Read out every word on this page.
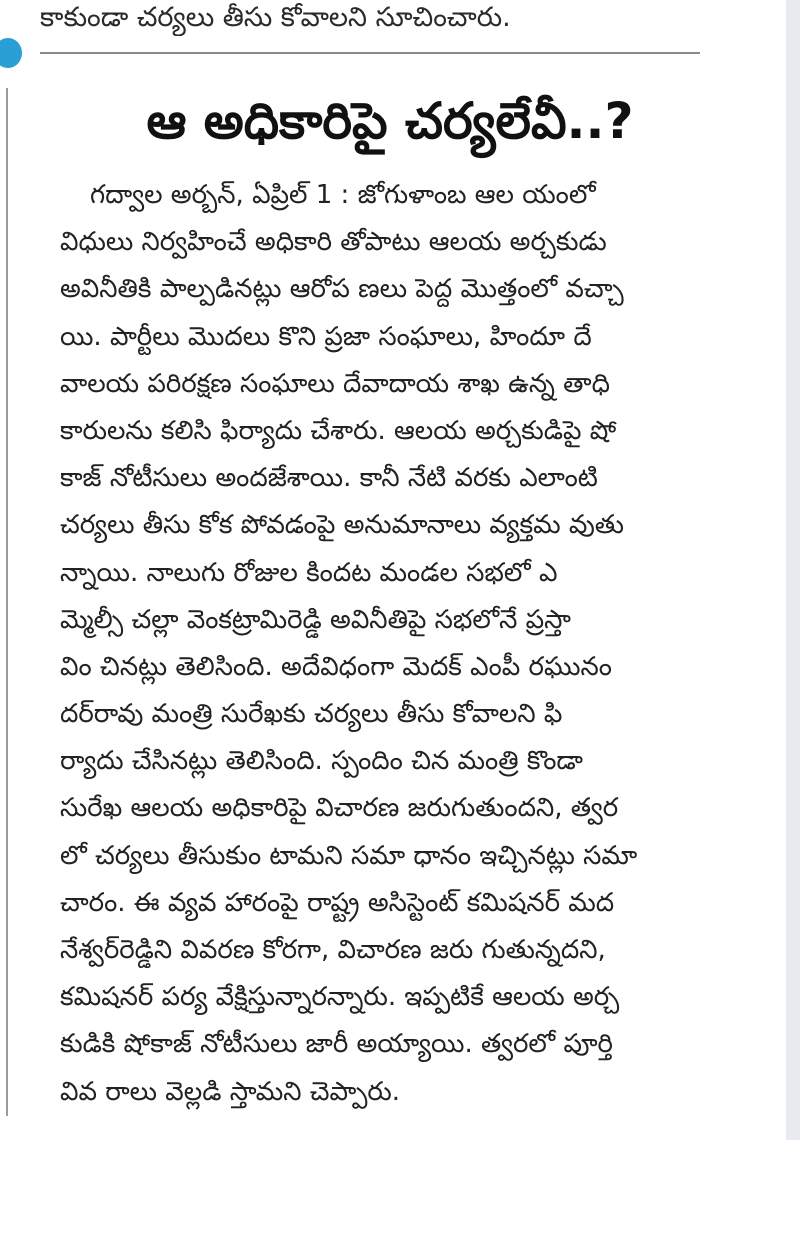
కాకుండా చర్యలు తీసు కోవాలని సూచించారు.
ఆ అధికారిపై చర్యలేవీ..?
గద్వాల అర్బన్, ఏప్రిల్ 1 : జోగుళాంబ ఆల యంలో
విధులు నిర్వహించే అధికారి తోపాటు ఆలయ అర్చకుడు
అవినీతికి పాల్పడినట్లు ఆరోప ణలు పెద్ద మొత్తంలో వచ్చా
యి. పార్టీలు మొదలు కొని ప్రజా సంఘాలు, హిందూ దే
వాలయ పరిరక్షణ సంఘాలు దేవాదాయ శాఖ ఉన్న తాధి
కారులను కలిసి ఫిర్యాదు చేశారు. ఆలయ అర్చకుడిపై షో
కాజ్ నోటీసులు అందజేశాయి. కానీ నేటి వరకు ఎలాంటి
చర్యలు తీసు కోక పోవడంపై అనుమానాలు వ్యక్తమ వుతు
న్నాయి. నాలుగు రోజుల కిందట మండల సభలో ఎ
మ్మెల్సీ చల్లా వెంకట్రామిరెడ్డి అవినీతిపై సభలోనే ప్రస్తా
విం చినట్లు తెలిసింది. అదేవిధంగా మెదక్ ఎంపీ రఘునం
దర్‌రావు మంత్రి సురేఖకు చర్యలు తీసు కోవాలని ఫి
ర్యాదు చేసినట్లు తెలిసింది. స్పందిం చిన మంత్రి కొండా
సురేఖ ఆలయ అధికారిపై విచారణ జరుగుతుందని, త్వర
లో చర్యలు తీసుకుం టామని సమా ధానం ఇచ్చినట్లు సమా
చారం. ఈ వ్యవ హారంపై రాష్ట్ర అసిస్టెంట్ కమిషనర్ మద
నేశ్వర్‌రెడ్డిని వివరణ కోరగా, విచారణ జరు గుతున్నదని,
కమిషనర్ పర్య వేక్షిస్తున్నారన్నారు. ఇప్పటికే ఆలయ అర్చ
కుడికి షోకాజ్ నోటీసులు జారీ అయ్యాయి. త్వరలో పూర్తి
వివ రాలు వెల్లడి స్తామని చెప్పారు.
